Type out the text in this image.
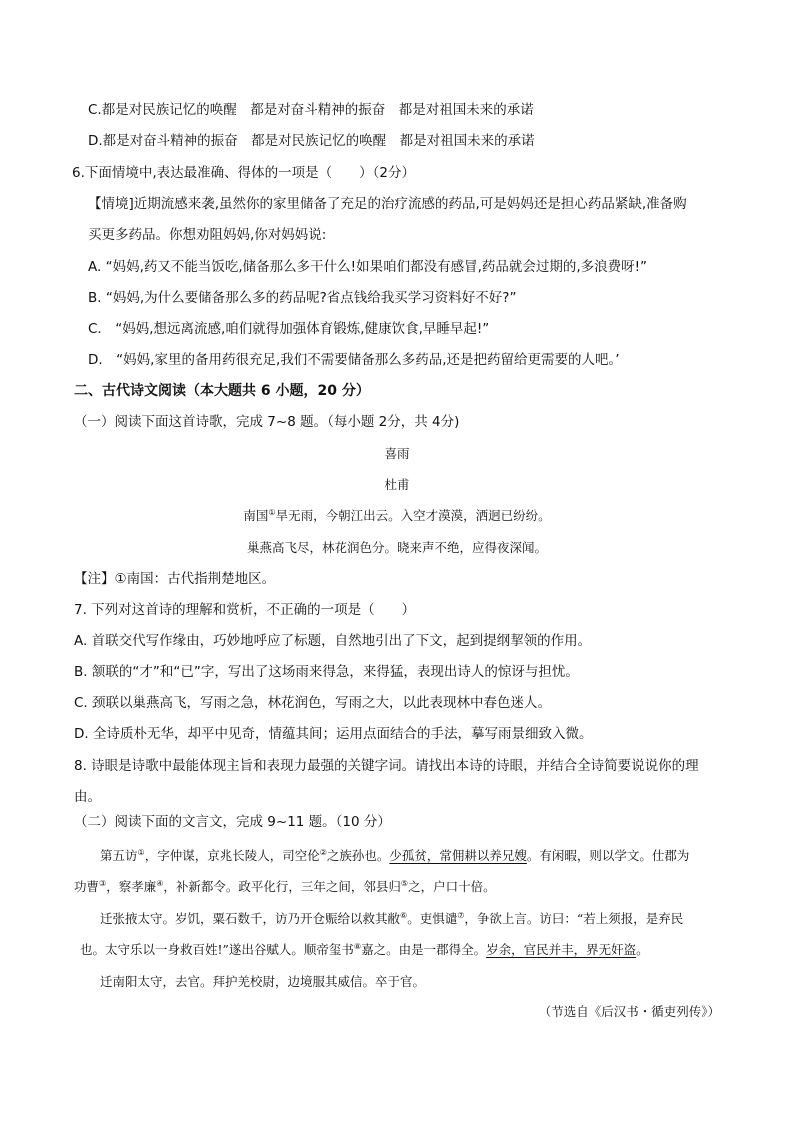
C.都是对民族记忆的唤醒　都是对奋斗精神的振奋　都是对祖国未来的承诺
D.都是对奋斗精神的振奋　都是对民族记忆的唤醒　都是对祖国未来的承诺
6.下面情境中,表达最准确、得体的一项是（　　）（2分）
【情境]近期流感来袭,虽然你的家里储备了充足的治疗流感的药品,可是妈妈还是担心药品紧缺,准备购
买更多药品。你想劝阻妈妈,你对妈妈说:
A. “妈妈,药又不能当饭吃,储备那么多干什么!如果咱们都没有感冒,药品就会过期的,多浪费呀!”
B. “妈妈,为什么要储备那么多的药品呢?省点钱给我买学习资料好不好?”
C.　“妈妈,想远离流感,咱们就得加强体育锻炼,健康饮食,早睡早起!”
D.　“妈妈,家里的备用药很充足,我们不需要储备那么多药品,还是把药留给更需要的人吧。’
二、古代诗文阅读（本大题共 6 小题，20 分）
（一）阅读下面这首诗歌，完成 7~8 题。（每小题 2分，共 4分)
喜雨
杜甫
南国①旱无雨，今朝江出云。入空才漠漠，洒迥已纷纷。
巢燕高飞尽，林花润色分。晓来声不绝，应得夜深闻。
【注】①南国：古代指荆楚地区。
7. 下列对这首诗的理解和赏析，不正确的一项是（　　）
A. 首联交代写作缘由，巧妙地呼应了标题，自然地引出了下文，起到提纲挈领的作用。
B. 颔联的“才”和“已”字，写出了这场雨来得急，来得猛，表现出诗人的惊讶与担忧。
C. 颈联以巢燕高飞，写雨之急，林花润色，写雨之大，以此表现林中春色迷人。
D. 全诗质朴无华，却平中见奇，情蕴其间；运用点面结合的手法，摹写雨景细致入微。
8. 诗眼是诗歌中最能体现主旨和表现力最强的关键字词。请找出本诗的诗眼，并结合全诗简要说说你的理
由。
（二）阅读下面的文言文，完成 9~11 题。（10 分）
第五访①，字仲谋，京兆长陵人，司空伦②之族孙也。少孤贫，常佣耕以养兄嫂。有闲暇，则以学文。仕郡为
功曹③，察孝廉④，补新都令。政平化行，三年之间，邻县归⑤之，户口十倍。
迁张掖太守。岁饥，粟石数千，访乃开仓赈给以救其敝⑥。吏惧谴⑦，争欲上言。访曰：“若上须报，是弃民
也。太守乐以一身救百姓!”遂出谷赋人。顺帝玺书⑧嘉之。由是一郡得全。岁余，官民并丰，界无奸盗。
迁南阳太守，去官。拜护羌校尉，边境服其威信。卒于官。
（节选自《后汉书・循吏列传》）
